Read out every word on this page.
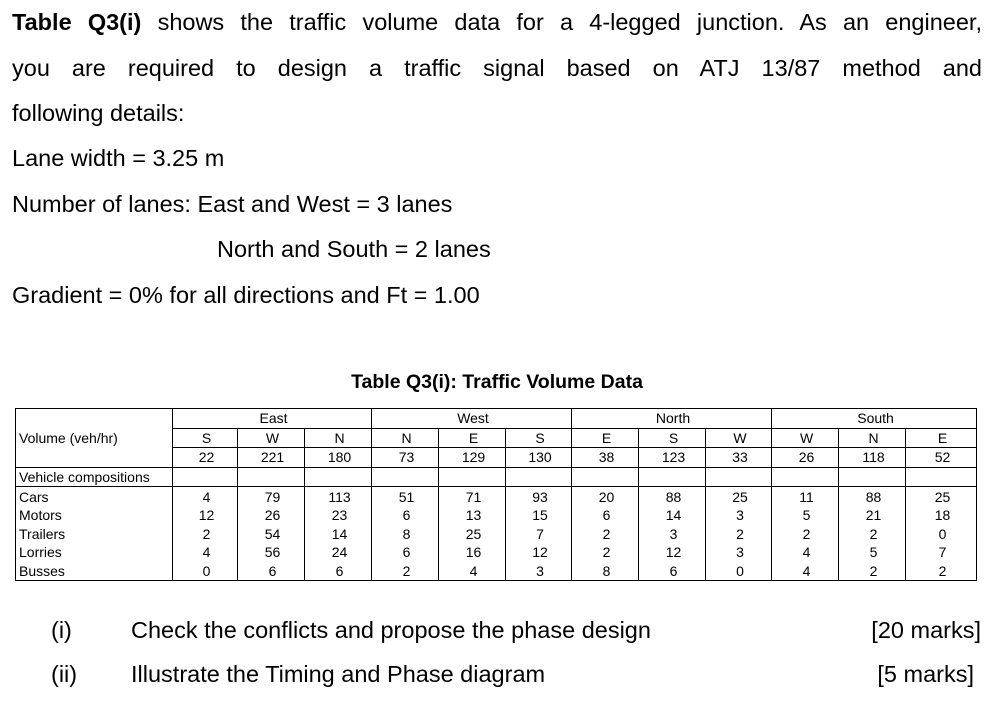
Table Q3(i) shows the traffic volume data for a 4-legged junction. As an engineer,
you are required to design a traffic signal based on ATJ 13/87 method and
following details:
Lane width = 3.25 m
Number of lanes: East and West = 3 lanes
North and South = 2 lanes
Gradient = 0% for all directions and Ft = 1.00
Table Q3(i): Traffic Volume Data
	East			West			North			South		
Volume (veh/hr)	S	W	N	N	E	S	E	S	W	W	N	E
	22	221	180	73	129	130	38	123	33	26	118	52
Vehicle compositions												
Cars	4	79	113	51	71	93	20	88	25	11	88	25
Motors	12	26	23	6	13	15	6	14	3	5	21	18
Trailers	2	54	14	8	25	7	2	3	2	2	2	0
Lorries	4	56	24	6	16	12	2	12	3	4	5	7
Busses	0	6	6	2	4	3	8	6	0	4	2	2
(i)	Check the conflicts and propose the phase design	[20 marks]
(ii) Illustrate the Timing and Phase diagram	[5 marks]
